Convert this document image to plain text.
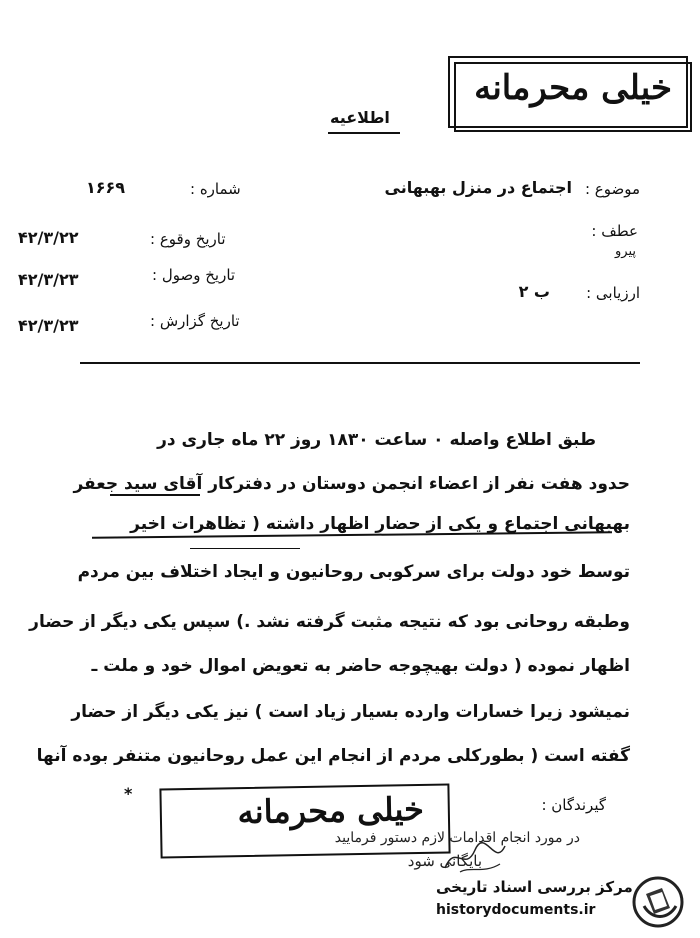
خیلی محرمانه
اطلاعیه
موضوع :
اجتماع در منزل بهبهانی
عطف :
پیرو
ارزیابی :
ب ۲
شماره :
۱۶۶۹
تاریخ وقوع :
۴۲/۳/۲۲
تاریخ وصول :
۴۲/۳/۲۳
تاریخ گزارش :
۴۲/۳/۲۳
طبق اطلاع واصله ۰ ساعت ۱۸۳۰ روز ۲۲ ماه جاری در
حدود هفت نفر از اعضاء انجمن دوستان در دفترکار آقای سید جعفر
بهبهانی اجتماع و یکی از حضار اظهار داشته ( تظاهرات اخیر
توسط خود دولت برای سرکوبی روحانیون و ایجاد اختلاف بین مردم
وطبقه روحانی بود که نتیجه مثبت گرفته نشد .) سپس یکی دیگر از حضار
اظهار نموده ( دولت بهیچوجه حاضر به تعویض اموال خود و ملت ـ
نمیشود زیرا خسارات وارده بسیار زیاد است ) نیز یکی دیگر از حضار
گفته است ( بطورکلی مردم از انجام این عمل روحانیون متنفر بوده آنها
*
گیرندگان :
خیلی محرمانه
در مورد انجام اقدامات لازم دستور فرمایید
بایگانی شود
مرکز بررسی اسناد تاریخی
historydocuments.ir
